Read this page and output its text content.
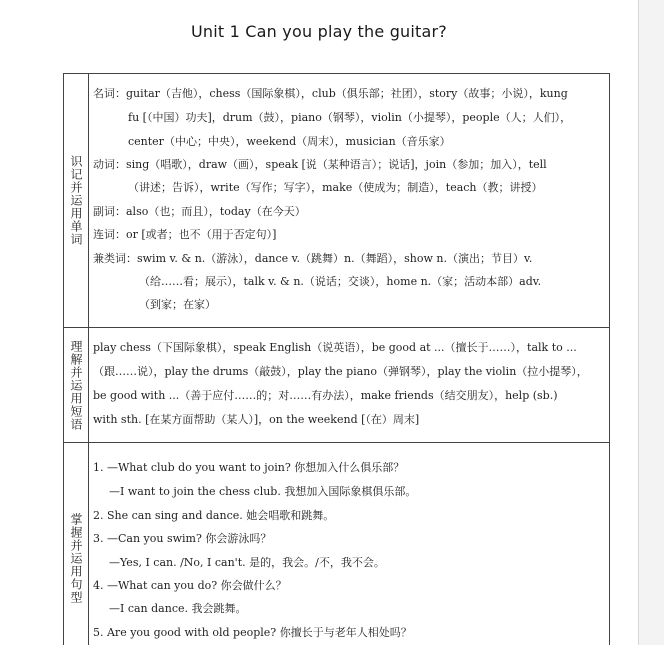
Unit 1 Can you play the guitar?
识记并运用单词
理解并运用短语
掌握并运用句型
名词：guitar（吉他），chess（国际象棋），club（俱乐部；社团），story（故事；小说），kung
fu [（中国）功夫]，drum（鼓），piano（钢琴），violin（小提琴），people（人；人们），
center（中心；中央），weekend（周末），musician（音乐家）
动词：sing（唱歌），draw（画），speak [说（某种语言）；说话]，join（参加；加入），tell
（讲述；告诉），write（写作；写字），make（使成为；制造），teach（教；讲授）
副词：also（也；而且），today（在今天）
连词：or [或者；也不（用于否定句）]
兼类词：swim v. & n.（游泳），dance v.（跳舞）n.（舞蹈），show n.（演出；节目）v.
（给……看；展示），talk v. & n.（说话；交谈），home n.（家；活动本部）adv.
（到家；在家）
play chess（下国际象棋），speak English（说英语），be good at ...（擅长于……），talk to ...
（跟……说），play the drums（敲鼓），play the piano（弹钢琴），play the violin（拉小提琴），
be good with ...（善于应付……的；对……有办法），make friends（结交朋友），help (sb.)
with sth. [在某方面帮助（某人）]，on the weekend [（在）周末]
1. —What club do you want to join? 你想加入什么俱乐部？
—I want to join the chess club. 我想加入国际象棋俱乐部。
2. She can sing and dance. 她会唱歌和跳舞。
3. —Can you swim? 你会游泳吗？
—Yes, I can. /No, I can't. 是的，我会。/不，我不会。
4. —What can you do? 你会做什么？
—I can dance. 我会跳舞。
5. Are you good with old people? 你擅长于与老年人相处吗？
